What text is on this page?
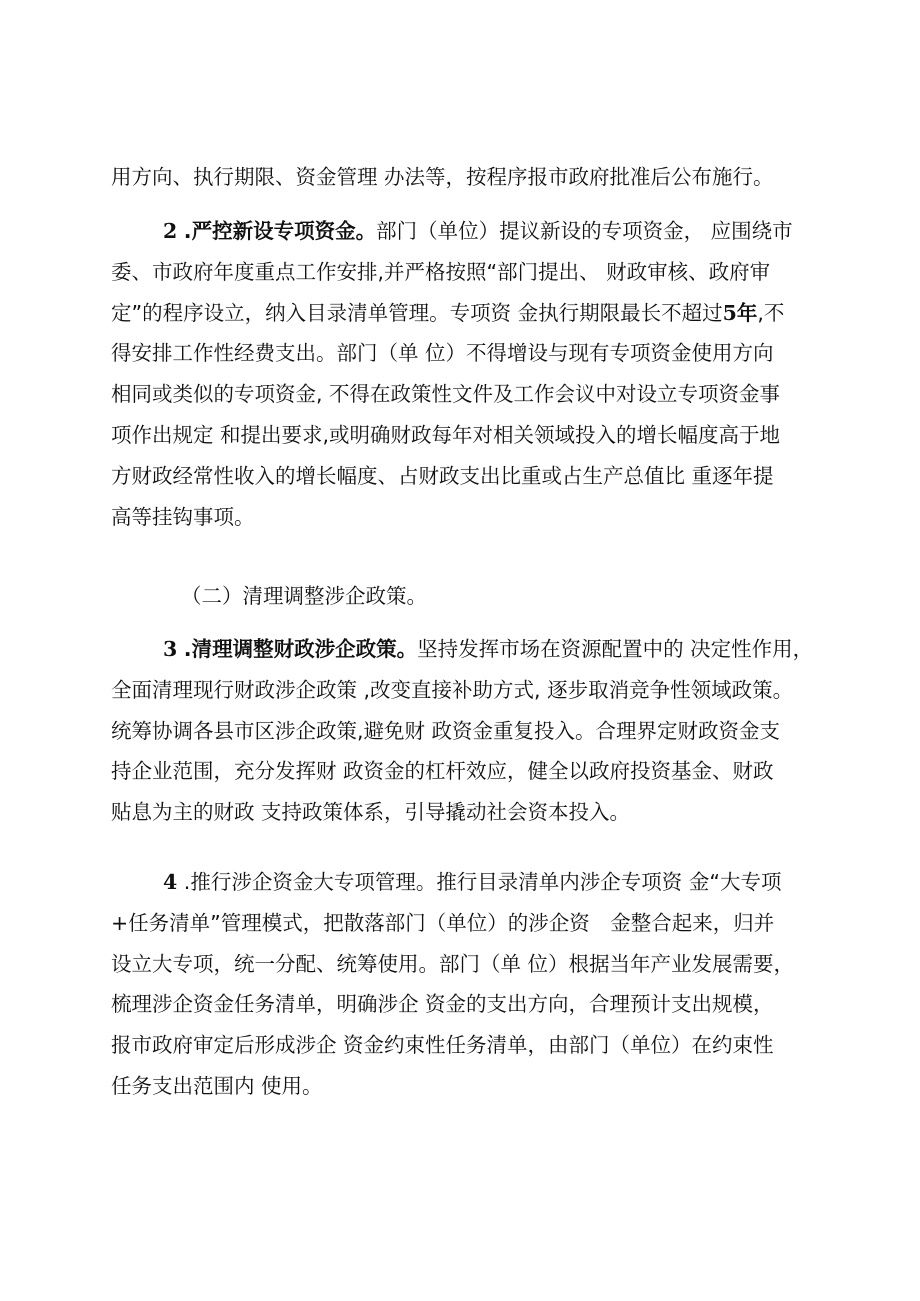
用方向、执行期限、资金管理 办法等，按程序报市政府批准后公布施行。
2 .严控新设专项资金。部门（单位）提议新设的专项资金， 应围绕市
委、市政府年度重点工作安排,并严格按照“部门提出、 财政审核、政府审
定”的程序设立，纳入目录清单管理。专项资 金执行期限最长不超过5年,不
得安排工作性经费支出。部门（单 位）不得增设与现有专项资金使用方向
相同或类似的专项资金, 不得在政策性文件及工作会议中对设立专项资金事
项作出规定 和提出要求,或明确财政每年对相关领域投入的增长幅度高于地
方财政经常性收入的增长幅度、占财政支出比重或占生产总值比 重逐年提
高等挂钩事项。
（二）清理调整涉企政策。
3 .清理调整财政涉企政策。坚持发挥市场在资源配置中的 决定性作用，
全面清理现行财政涉企政策 ,改变直接补助方式, 逐步取消竞争性领域政策。
统筹协调各县市区涉企政策,避免财 政资金重复投入。合理界定财政资金支
持企业范围，充分发挥财 政资金的杠杆效应，健全以政府投资基金、财政
贴息为主的财政 支持政策体系，引导撬动社会资本投入。
4 .推行涉企资金大专项管理。推行目录清单内涉企专项资 金“大专项
+任务清单”管理模式，把散落部门（单位）的涉企资　金整合起来，归并
设立大专项，统一分配、统筹使用。部门（单 位）根据当年产业发展需要，
梳理涉企资金任务清单，明确涉企 资金的支出方向，合理预计支出规模，
报市政府审定后形成涉企 资金约束性任务清单，由部门（单位）在约束性
任务支出范围内 使用。
